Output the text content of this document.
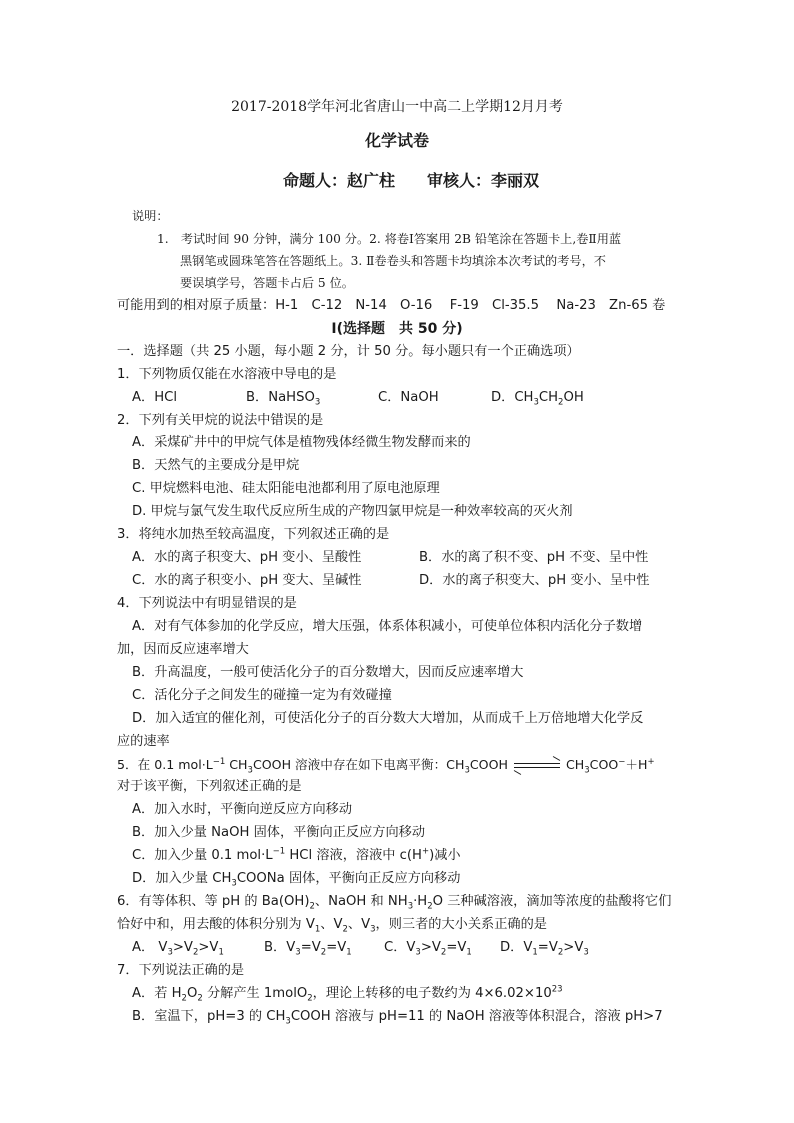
2017-2018学年河北省唐山一中高二上学期12月月考
化学试卷
命题人：赵广柱　　审核人：李丽双
说明：
1.　考试时间 90 分钟，满分 100 分。2. 将卷Ⅰ答案用 2B 铅笔涂在答题卡上,卷Ⅱ用蓝
黑钢笔或圆珠笔答在答题纸上。3. Ⅱ卷卷头和答题卡均填涂本次考试的考号，不
要误填学号，答题卡占后 5 位。
可能用到的相对原子质量：H-1　C-12　N-14　O-16　 F-19　Cl-35.5　 Na-23　Zn-65 卷
Ⅰ(选择题　共 50 分)
一．选择题（共 25 小题，每小题 2 分，计 50 分。每小题只有一个正确选项）
1．下列物质仅能在水溶液中导电的是
A．HCl	B．NaHSO$_3$	C．NaOH	D．$CH_3CH_2OH$
2．下列有关甲烷的说法中错误的是
A．采煤矿井中的甲烷气体是植物残体经微生物发酵而来的
B．天然气的主要成分是甲烷
C. 甲烷燃料电池、硅太阳能电池都利用了原电池原理
D. 甲烷与氯气发生取代反应所生成的产物四氯甲烷是一种效率较高的灭火剂
3．将纯水加热至较高温度，下列叙述正确的是
A．水的离子积变大、pH 变小、呈酸性	B．水的离了积不变、pH 不变、呈中性
C．水的离子积变小、pH 变大、呈碱性	D．水的离子积变大、pH 变小、呈中性
4．下列说法中有明显错误的是
A．对有气体参加的化学反应，增大压强，体系体积减小，可使单位体积内活化分子数增
加，因而反应速率增大
B．升高温度，一般可使活化分子的百分数增大，因而反应速率增大
C．活化分子之间发生的碰撞一定为有效碰撞
D．加入适宜的催化剂，可使活化分子的百分数大大增加，从而成千上万倍地增大化学反
应的速率
5．在 0.1 $mol\cdot L^{-1}$ $CH_3COOH$ 溶液中存在如下电离平衡：$CH_3COOH$	$CH_3COO^-+H^+$
对于该平衡，下列叙述正确的是
A．加入水时，平衡向逆反应方向移动
B．加入少量 NaOH 固体，平衡向正反应方向移动
C．加入少量 0.1 $mol\cdot L^{-1}$ HCl 溶液，溶液中 c(H+)减小
D．加入少量 $CH_3COONa$ 固体，平衡向正反应方向移动
6．有等体积、等 pH 的 $Ba(OH)_2$、NaOH 和 $NH_3\cdot H_2O$ 三种碱溶液，滴加等浓度的盐酸将它们
恰好中和，用去酸的体积分别为 $V_1$、$V_2$、$V_3$，则三者的大小关系正确的是
A． $V_3>V_2>V_1$	B．$V_3=V_2=V_1$ C．$V_3>V_2=V_1$ D．$V_1=V_2>V_3$
7．下列说法正确的是
A．若 $H_2O_2$ 分解产生 1molO$_2$，理论上转移的电子数约为 $4\times 6.02\times 10^{23}$
B．室温下，pH=3 的 $CH_3COOH$ 溶液与 pH=11 的 NaOH 溶液等体积混合，溶液 pH>7
